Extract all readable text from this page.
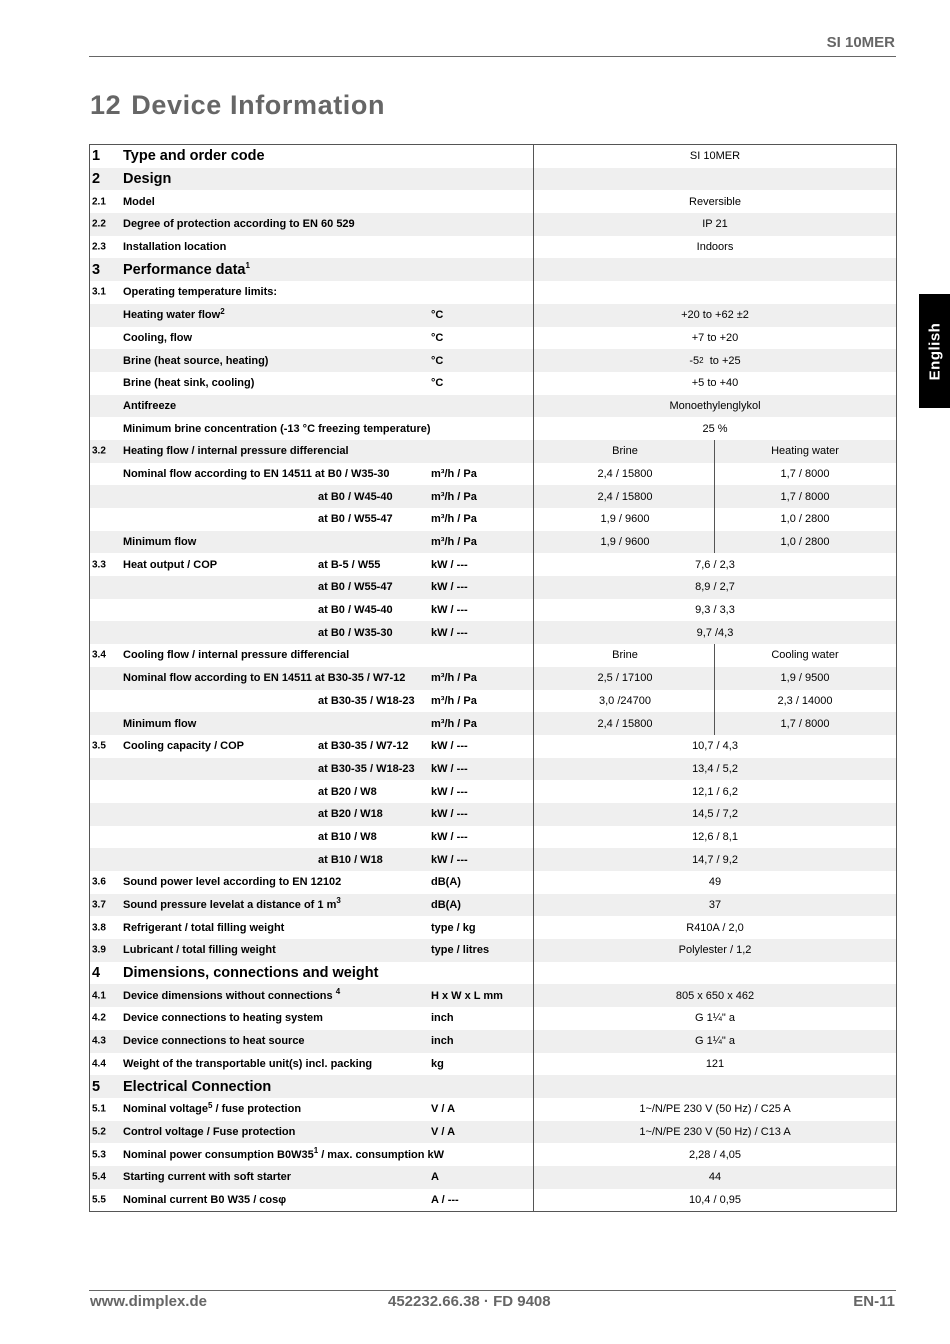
SI 10MER
12 Device Information
English
1 Type and order code	SI 10MER
2 Design
2.1 Model	Reversible
2.2 Degree of protection according to EN 60 529	IP 21
2.3 Installation location	Indoors
3 Performance data$^1$
3.1 Operating temperature limits:
Heating water flow$^2$	°C	+20 to +62 ±2
Cooling, flow	°C	+7 to +20
Brine (heat source, heating)	°C	-5 2 to +25
Brine (heat sink, cooling)	°C	+5 to +40
Antifreeze	Monoethylenglykol
Minimum brine concentration (-13 °C freezing temperature)	25 %
3.2 Heating flow / internal pressure differencial	Brine	Heating water
Nominal flow according to EN 14511 at B0 / W35-30	m³/h / Pa	2,4 / 15800	1,7 / 8000
at B0 / W45-40	m³/h / Pa	2,4 / 15800	1,7 / 8000
at B0 / W55-47	m³/h / Pa	1,9 / 9600	1,0 / 2800
Minimum flow	m³/h / Pa	1,9 / 9600	1,0 / 2800
3.3 Heat output / COP	at B-5 / W55	kW / ---	7,6 / 2,3
at B0 / W55-47	kW / ---	8,9 / 2,7
at B0 / W45-40	kW / ---	9,3 / 3,3
at B0 / W35-30	kW / ---	9,7 /4,3
3.4 Cooling flow / internal pressure differencial	Brine	Cooling water
Nominal flow according to EN 14511 at B30-35 / W7-12 m³/h / Pa	2,5 / 17100	1,9 / 9500
at B30-35 / W18-23 m³/h / Pa	3,0 /24700	2,3 / 14000
Minimum flow	m³/h / Pa	2,4 / 15800	1,7 / 8000
3.5 Cooling capacity / COP	at B30-35 / W7-12 kW / ---	10,7 / 4,3
at B30-35 / W18-23 kW / ---	13,4 / 5,2
at B20 / W8	kW / ---	12,1 / 6,2
at B20 / W18	kW / ---	14,5 / 7,2
at B10 / W8	kW / ---	12,6 / 8,1
at B10 / W18	kW / ---	14,7 / 9,2
3.6 Sound power level according to EN 12102	dB(A)	49
3.7 Sound pressure levelat a distance of 1 $m^3$	dB(A)	37
3.8 Refrigerant / total filling weight	type / kg	R410A / 2,0
3.9 Lubricant / total filling weight	type / litres	Polylester / 1,2
4 Dimensions, connections and weight
4.1 Device dimensions without connections $^4$	H x W x L mm	805 x 650 x 462
4.2 Device connections to heating system	inch	G 1¼" a
4.3 Device connections to heat source	inch	G 1¼" a
4.4 Weight of the transportable unit(s) incl. packing	kg	121
5 Electrical Connection
5.1 Nominal voltage$^5$ / fuse protection	V / A	1~/N/PE 230 V (50 Hz) / C25 A
5.2 Control voltage / Fuse protection	V / A	1~/N/PE 230 V (50 Hz) / C13 A
5.3 Nominal power consumption $B0W35^1$ / max. consumption kW	2,28 / 4,05
5.4 Starting current with soft starter	A	44
5.5 Nominal current B0 W35 / cosφ	A / ---	10,4 / 0,95
www.dimplex.de	452232.66.38 · FD 9408	EN-11
